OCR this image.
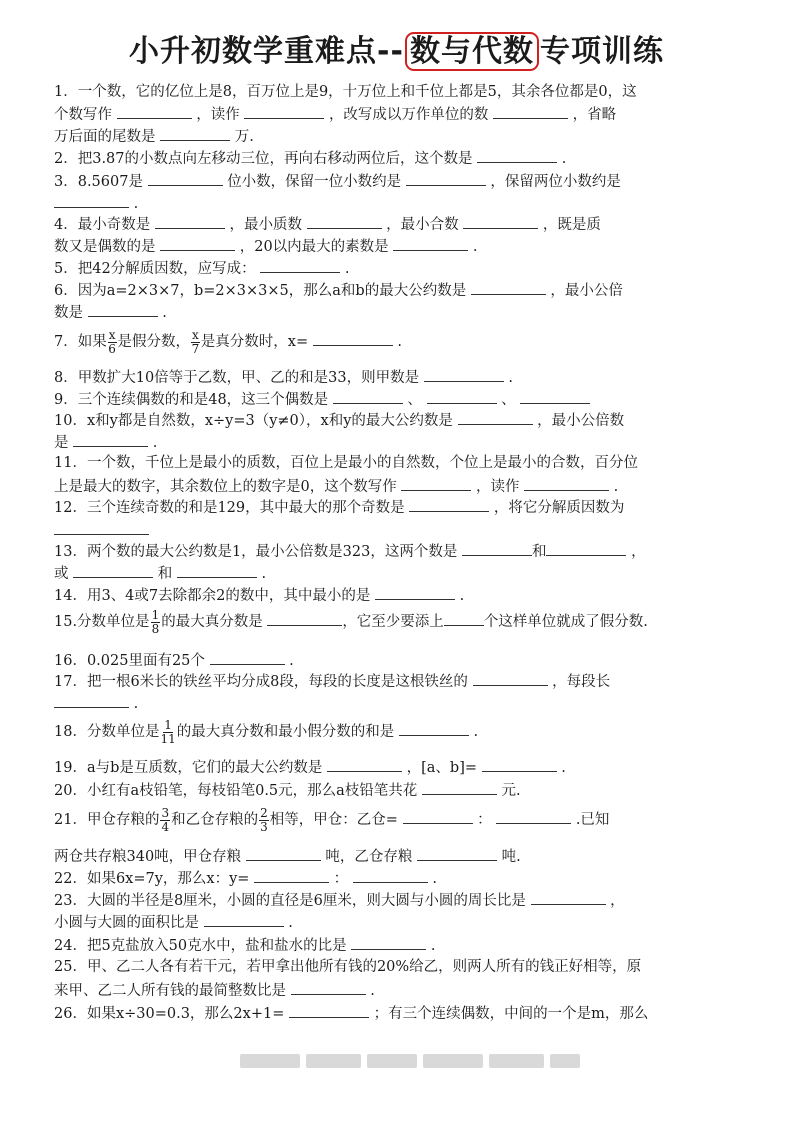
小升初数学重难点-- 数与代数 专项训练
1．一个数，它的亿位上是8，百万位上是9，十万位上和千位上都是5，其余各位都是0，这
个数写作	，读作	，改写成以万作单位的数	，省略
万后面的尾数是	万.
2．把3.87的小数点向左移动三位，再向右移动两位后，这个数是	.
3．8.5607是	位小数，保留一位小数约是	，保留两位小数约是
.
4．最小奇数是	，最小质数	，最小合数	，既是质
数又是偶数的是	，20以内最大的素数是	.
5．把42分解质因数，应写成：	.
6．因为a=2×3×7，b=2×3×3×5，那么a和b的最大公约数是	，最小公倍
数是	.
7．如果 $\frac{x}{6}$ 是假分数， $\frac{x}{7}$ 是真分数时，x=	.
8．甲数扩大10倍等于乙数，甲、乙的和是33，则甲数是	.
9．三个连续偶数的和是48，这三个偶数是	、	、
10．x和y都是自然数，x÷y=3（y≠0），x和y的最大公约数是	，最小公倍数
是	.
11．一个数，千位上是最小的质数，百位上是最小的自然数，个位上是最小的合数，百分位
上是最大的数字，其余数位上的数字是0，这个数写作	，读作	.
12．三个连续奇数的和是129，其中最大的那个奇数是	，将它分解质因数为
13．两个数的最大公约数是1，最小公倍数是323，这两个数是	和	，
或	和	.
14．用3、4或7去除都余2的数中，其中最小的是	.
15.分数单位是 $\frac{1}{8}$ 的最大真分数是	，它至少要添上	个这样单位就成了假分数.
16．0.025里面有25个	.
17．把一根6米长的铁丝平均分成8段，每段的长度是这根铁丝的	，每段长
.
18．分数单位是 $\frac{1}{11}$ 的最大真分数和最小假分数的和是	.
19．a与b是互质数，它们的最大公约数是	，[a、b]=	.
20．小红有a枝铅笔，每枝铅笔0.5元，那么a枝铅笔共花	元.
21．甲仓存粮的 $\frac{3}{4}$ 和乙仓存粮的 $\frac{2}{3}$ 相等，甲仓：乙仓=	：	.已知
两仓共存粮340吨，甲仓存粮	吨，乙仓存粮	吨.
22．如果6x=7y，那么x：y=	：	.
23．大圆的半径是8厘米，小圆的直径是6厘米，则大圆与小圆的周长比是	，
小圆与大圆的面积比是	.
24．把5克盐放入50克水中，盐和盐水的比是	.
25．甲、乙二人各有若干元，若甲拿出他所有钱的20%给乙，则两人所有的钱正好相等，原
来甲、乙二人所有钱的最简整数比是	.
26．如果x÷30=0.3，那么2x+1=	；有三个连续偶数，中间的一个是m，那么
